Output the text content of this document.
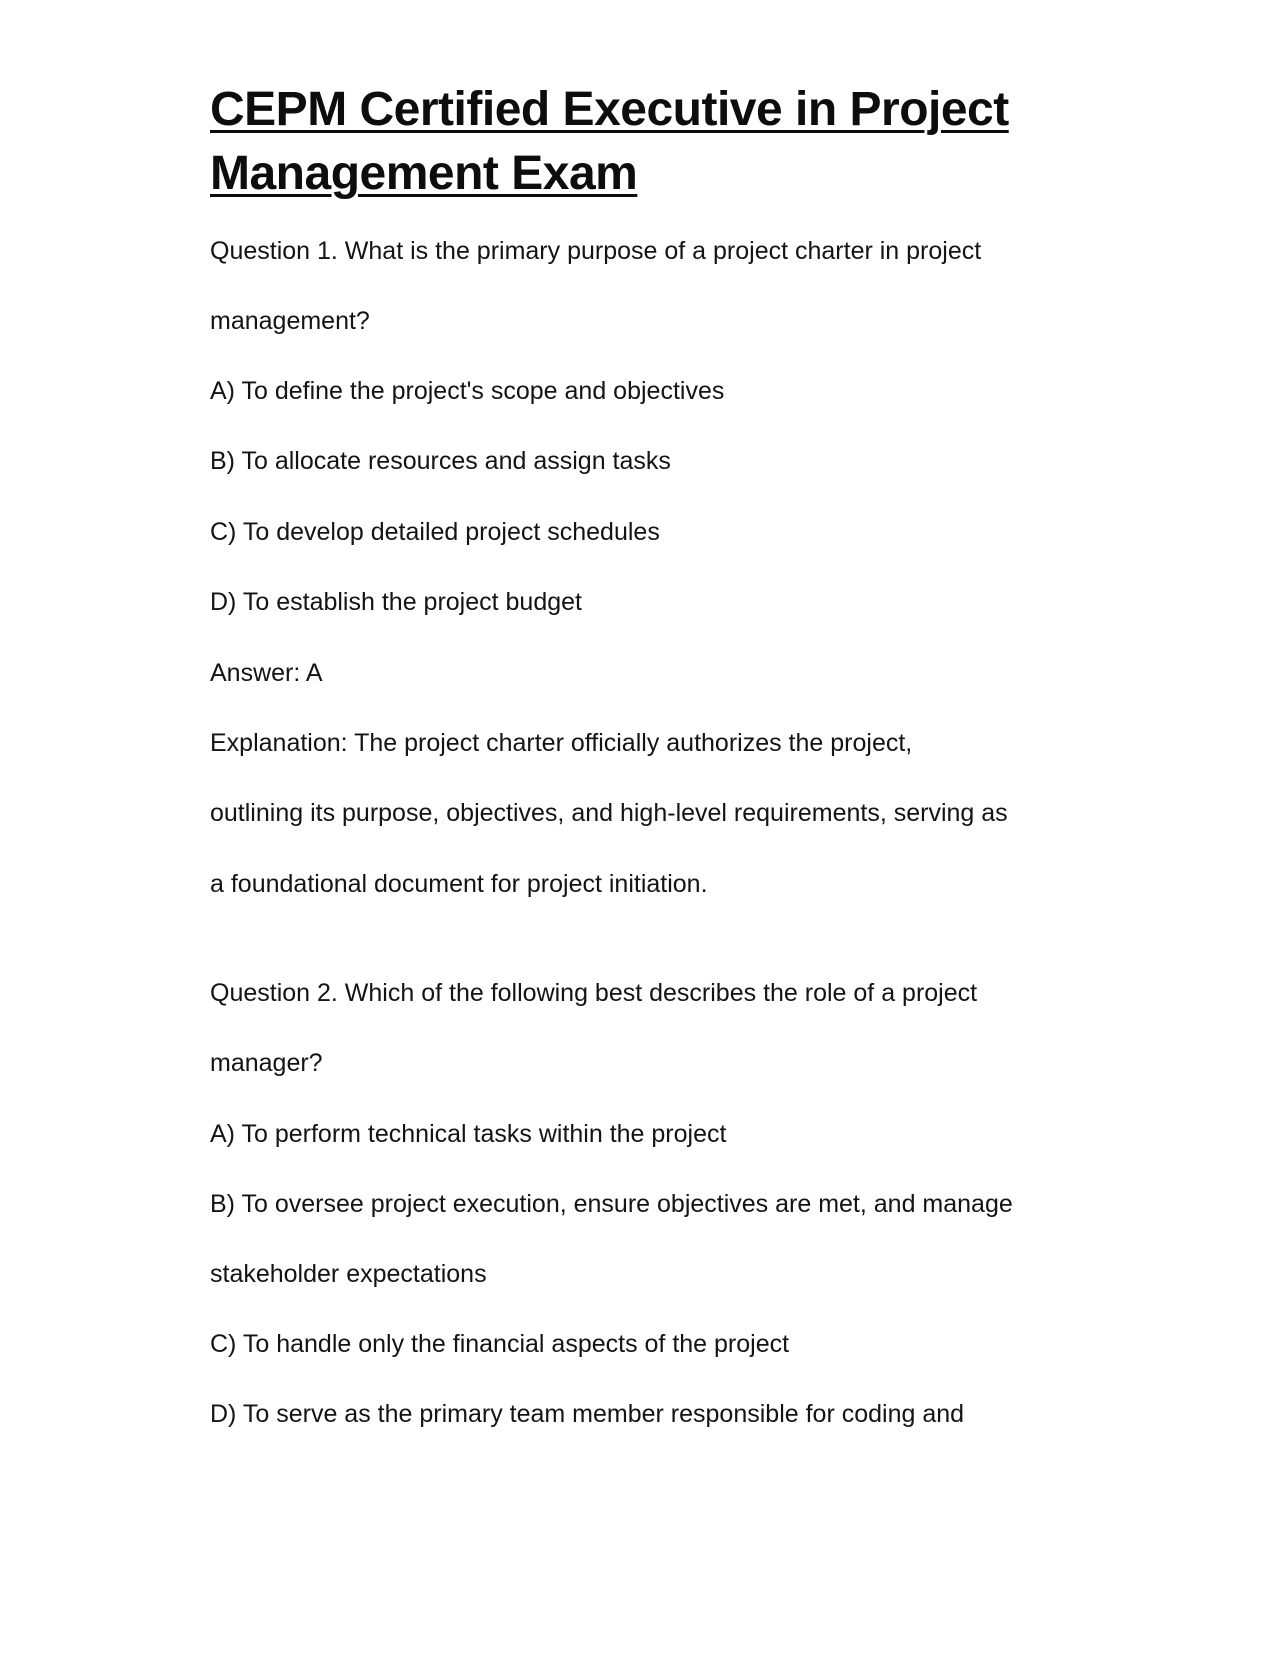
CEPM Certified Executive in Project Management Exam
Question 1. What is the primary purpose of a project charter in project
management?
A) To define the project's scope and objectives
B) To allocate resources and assign tasks
C) To develop detailed project schedules
D) To establish the project budget
Answer: A
Explanation: The project charter officially authorizes the project,
outlining its purpose, objectives, and high-level requirements, serving as
a foundational document for project initiation.
Question 2. Which of the following best describes the role of a project
manager?
A) To perform technical tasks within the project
B) To oversee project execution, ensure objectives are met, and manage
stakeholder expectations
C) To handle only the financial aspects of the project
D) To serve as the primary team member responsible for coding and
